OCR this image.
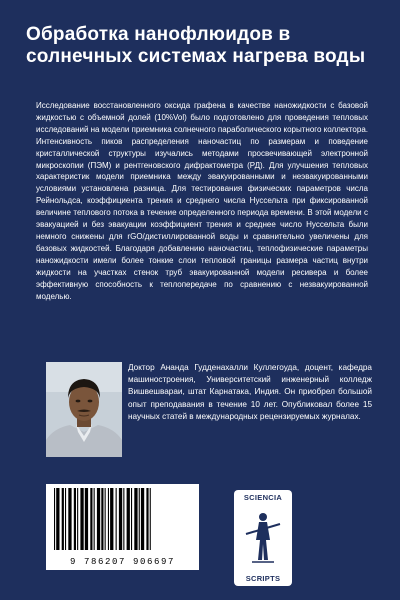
Обработка нанофлюидов в солнечных системах нагрева воды
Исследование восстановленного оксида графена в качестве наножидкости с базовой жидкостью с объемной долей (10%Vol) было подготовлено для проведения тепловых исследований на модели приемника солнечного параболического корытного коллектора. Интенсивность пиков распределения наночастиц по размерам и поведение кристаллической структуры изучались методами просвечивающей электронной микроскопии (ПЭМ) и рентгеновского дифрактометра (РД). Для улучшения тепловых характеристик модели приемника между эвакуированными и неэвакуированными условиями установлена разница. Для тестирования физических параметров числа Рейнольдса, коэффициента трения и среднего числа Нуссельта при фиксированной величине теплового потока в течение определенного периода времени. В этой модели с эвакуацией и без эвакуации коэффициент трения и среднее число Нуссельта были немного снижены для rGO/дистиллированной воды и сравнительно увеличены для базовых жидкостей. Благодаря добавлению наночастиц, теплофизические параметры наножидкости имели более тонкие слои тепловой границы размера частиц внутри жидкости на участках стенок труб эвакуированной модели ресивера и более эффективную способность к теплопередаче по сравнению с незвакуированной моделью.
Доктор Ананда Гудденахалли Куллегоуда, доцент, кафедра машиностроения, Университетский инженерный колледж Вишвешвараи, штат Карнатака, Индия. Он приобрел большой опыт преподавания в течение 10 лет. Опубликовал более 15 научных статей в международных рецензируемых журналах.
9 786207 906697
SCIENCIA
SCRIPTS
